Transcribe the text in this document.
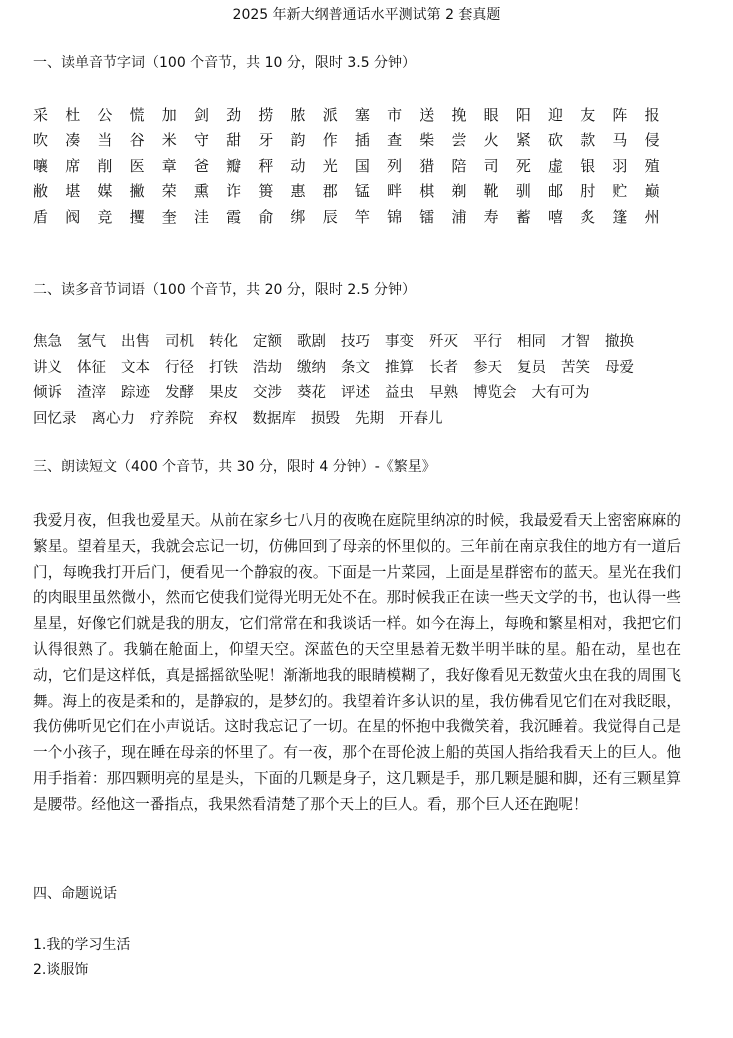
2025 年新大纲普通话水平测试第 2 套真题
一、读单音节字词（100 个音节，共 10 分，限时 3.5 分钟）
采	杜	公	慌	加	剑	劲	捞	脓	派	塞	市	送	挽	眼	阳	迎	友	阵	报
吹	凑	当	谷	米	守	甜	牙	韵	作	插	查	柴	尝	火	紧	砍	款	马	侵
嚷	席	削	医	章	爸	瓣	秤	动	光	国	列	猎	陪	司	死	虚	银	羽	殖
敝	堪	媒	撇	荣	熏	诈	篑	惠	郡	锰	畔	棋	剃	靴	驯	邮	肘	贮	巅
盾	阀	竞	攫	奎	洼	霞	俞	绑	辰	竿	锦	镭	浦	寿	蓄	嘻	炙	篷	州
二、读多音节词语（100 个音节，共 20 分，限时 2.5 分钟）
焦急 氢气 出售 司机 转化 定额 歌剧 技巧 事变 歼灭 平行 相同 才智 撤换
讲义 体征 文本 行径 打铁 浩劫 缴纳 条文 推算 长者 参天 复员 苦笑 母爱
倾诉 渣滓 踪迹 发酵 果皮 交涉 葵花 评述 益虫 早熟 博览会 大有可为
回忆录 离心力 疗养院 弃权 数据库 损毁 先期 开春儿
三、朗读短文（400 个音节，共 30 分，限时 4 分钟）-《繁星》

我爱月夜，但我也爱星天。从前在家乡七八月的夜晚在庭院里纳凉的时候，我最爱看天上密密麻麻的繁星。望着星天，我就会忘记一切，仿佛回到了母亲的怀里似的。三年前在南京我住的地方有一道后门，每晚我打开后门，便看见一个静寂的夜。下面是一片菜园，上面是星群密布的蓝天。星光在我们的肉眼里虽然微小，然而它使我们觉得光明无处不在。那时候我正在读一些天文学的书，也认得一些星星，好像它们就是我的朋友，它们常常在和我谈话一样。如今在海上，每晚和繁星相对，我把它们认得很熟了。我躺在舱面上，仰望天空。深蓝色的天空里悬着无数半明半昧的星。船在动，星也在动，它们是这样低，真是摇摇欲坠呢！渐渐地我的眼睛模糊了，我好像看见无数萤火虫在我的周围飞舞。海上的夜是柔和的，是静寂的，是梦幻的。我望着许多认识的星，我仿佛看见它们在对我眨眼，我仿佛听见它们在小声说话。这时我忘记了一切。在星的怀抱中我微笑着，我沉睡着。我觉得自己是一个小孩子，现在睡在母亲的怀里了。有一夜，那个在哥伦波上船的英国人指给我看天上的巨人。他用手指着：那四颗明亮的星是头，下面的几颗是身子，这几颗是手，那几颗是腿和脚，还有三颗星算是腰带。经他这一番指点，我果然看清楚了那个天上的巨人。看，那个巨人还在跑呢！

四、命题说话
1.我的学习生活
2.谈服饰
